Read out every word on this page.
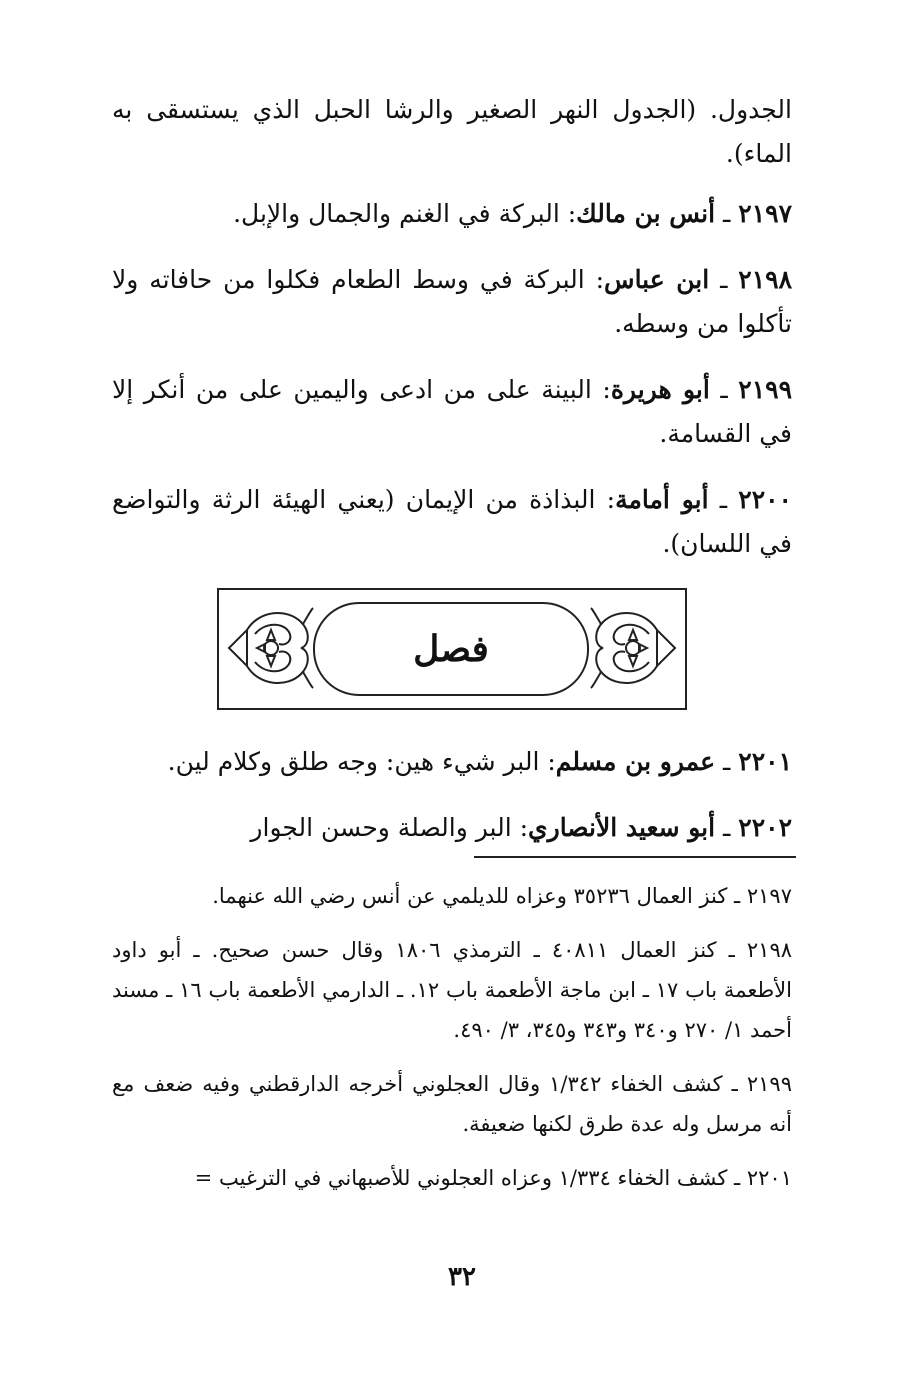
الجدول. (الجدول النهر الصغير والرشا الحبل الذي يستسقى به الماء).

٢١٩٧ ـ أنس بن مالك: البركة في الغنم والجمال والإبل.

٢١٩٨ ـ ابن عباس: البركة في وسط الطعام فكلوا من حافاته ولا تأكلوا من وسطه.

٢١٩٩ ـ أبو هريرة: البينة على من ادعى واليمين على من أنكر إلا في القسامة.

٢٢٠٠ ـ أبو أمامة: البذاذة من الإيمان (يعني الهيئة الرثة والتواضع في اللسان).

فصل

٢٢٠١ ـ عمرو بن مسلم: البر شيء هين: وجه طلق وكلام لين.

٢٢٠٢ ـ أبو سعيد الأنصاري: البر والصلة وحسن الجوار

٢١٩٧ ـ كنز العمال ٣٥٢٣٦ وعزاه للديلمي عن أنس رضي الله عنهما.

٢١٩٨ ـ كنز العمال ٤٠٨١١ ـ الترمذي ١٨٠٦ وقال حسن صحيح. ـ أبو داود الأطعمة باب ١٧ ـ ابن ماجة الأطعمة باب ١٢. ـ الدارمي الأطعمة باب ١٦ ـ مسند أحمد ١/ ٢٧٠ و٣٤٠ و٣٤٣ و٣٤٥، ٣/ ٤٩٠.

٢١٩٩ ـ كشف الخفاء ١/٣٤٢ وقال العجلوني أخرجه الدارقطني وفيه ضعف مع أنه مرسل وله عدة طرق لكنها ضعيفة.

٢٢٠١ ـ كشف الخفاء ١/٣٣٤ وعزاه العجلوني للأصبهاني في الترغيب =

٣٢
